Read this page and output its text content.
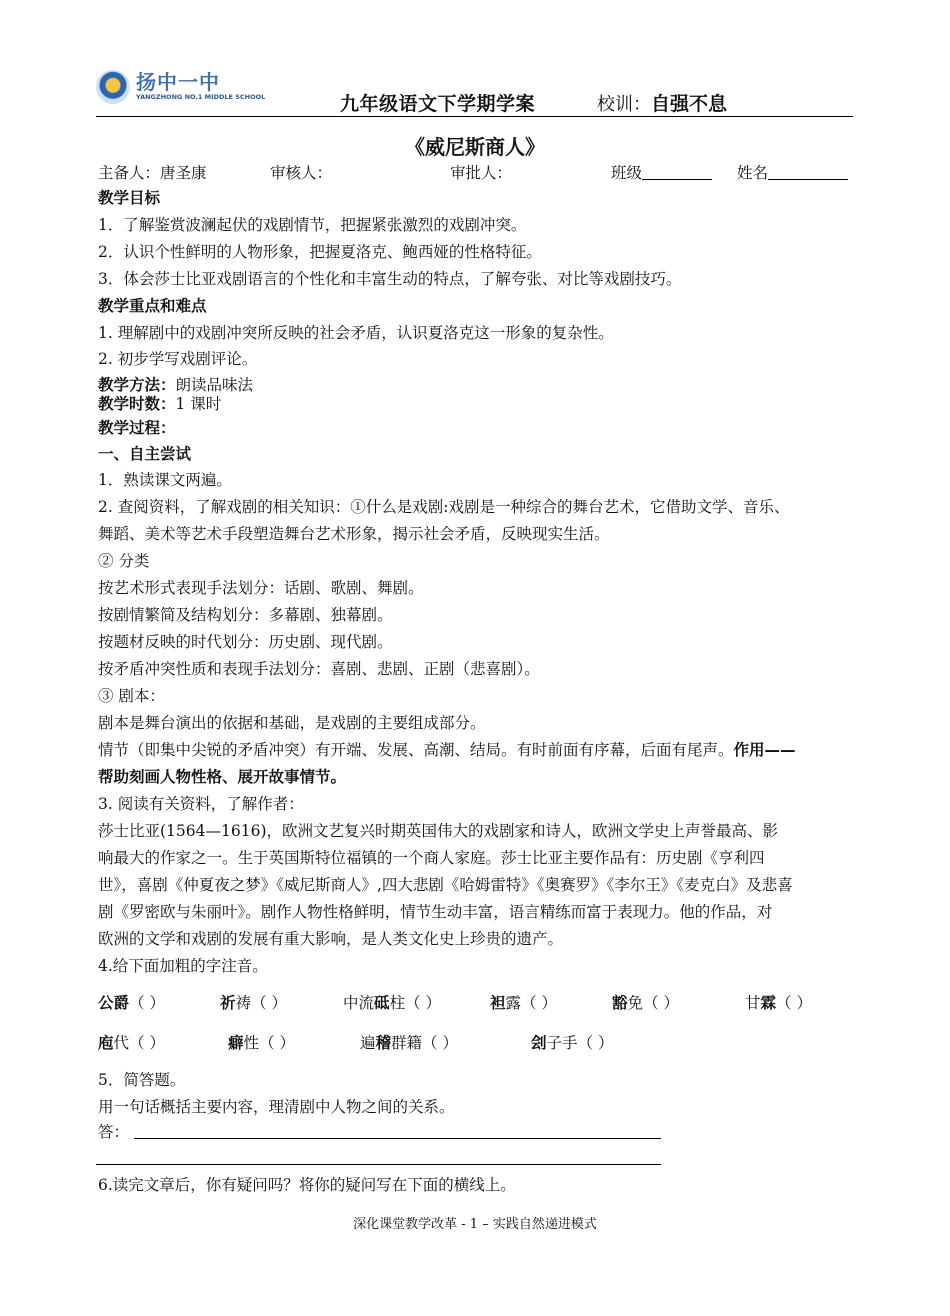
扬中一中
YANGZHONG NO.1 MIDDLE SCHOOL	九年级语文下学期学案	校训：自强不息
《威尼斯商人》
主备人：唐圣康	审核人：	审批人：	班级	姓名
教学目标
1．了解鉴赏波澜起伏的戏剧情节，把握紧张激烈的戏剧冲突。
2．认识个性鲜明的人物形象，把握夏洛克、鲍西娅的性格特征。
3．体会莎士比亚戏剧语言的个性化和丰富生动的特点，了解夸张、对比等戏剧技巧。
教学重点和难点
1. 理解剧中的戏剧冲突所反映的社会矛盾，认识夏洛克这一形象的复杂性。
2. 初步学写戏剧评论。
教学方法：朗读品味法
教学时数：1 课时
教学过程：
一、自主尝试
1．熟读课文两遍。
2. 查阅资料，了解戏剧的相关知识：①什么是戏剧:戏剧是一种综合的舞台艺术，它借助文学、音乐、
舞蹈、美术等艺术手段塑造舞台艺术形象，揭示社会矛盾，反映现实生活。
② 分类
按艺术形式表现手法划分：话剧、歌剧、舞剧。
按剧情繁简及结构划分：多幕剧、独幕剧。
按题材反映的时代划分：历史剧、现代剧。
按矛盾冲突性质和表现手法划分：喜剧、悲剧、正剧（悲喜剧）。
③ 剧本：
剧本是舞台演出的依据和基础，是戏剧的主要组成部分。
情节（即集中尖锐的矛盾冲突）有开端、发展、高潮、结局。有时前面有序幕，后面有尾声。作用——
帮助刻画人物性格、展开故事情节。
3. 阅读有关资料，了解作者：
莎士比亚(1564—1616)，欧洲文艺复兴时期英国伟大的戏剧家和诗人，欧洲文学史上声誉最高、影
响最大的作家之一。生于英国斯特位福镇的一个商人家庭。莎士比亚主要作品有：历史剧《亨利四
世》，喜剧《仲夏夜之梦》《威尼斯商人》,四大悲剧《哈姆雷特》《奥赛罗》《李尔王》《麦克白》及悲喜
剧《罗密欧与朱丽叶》。剧作人物性格鲜明，情节生动丰富，语言精练而富于表现力。他的作品，对
欧洲的文学和戏剧的发展有重大影响，是人类文化史上珍贵的遗产。
4.给下面加粗的字注音。
公爵（ ）	祈祷（ ）	中流砥柱（ ）	袒露（ ）	豁免（ ）	甘霖（ ）
庖代（ ）	癖性（ ）	遍稽群籍（ ）	刽子手（ ）
5．简答题。
用一句话概括主要内容，理清剧中人物之间的关系。
答：
6.读完文章后，你有疑问吗？将你的疑问写在下面的横线上。
深化课堂教学改革 - 1 – 实践自然递进模式
